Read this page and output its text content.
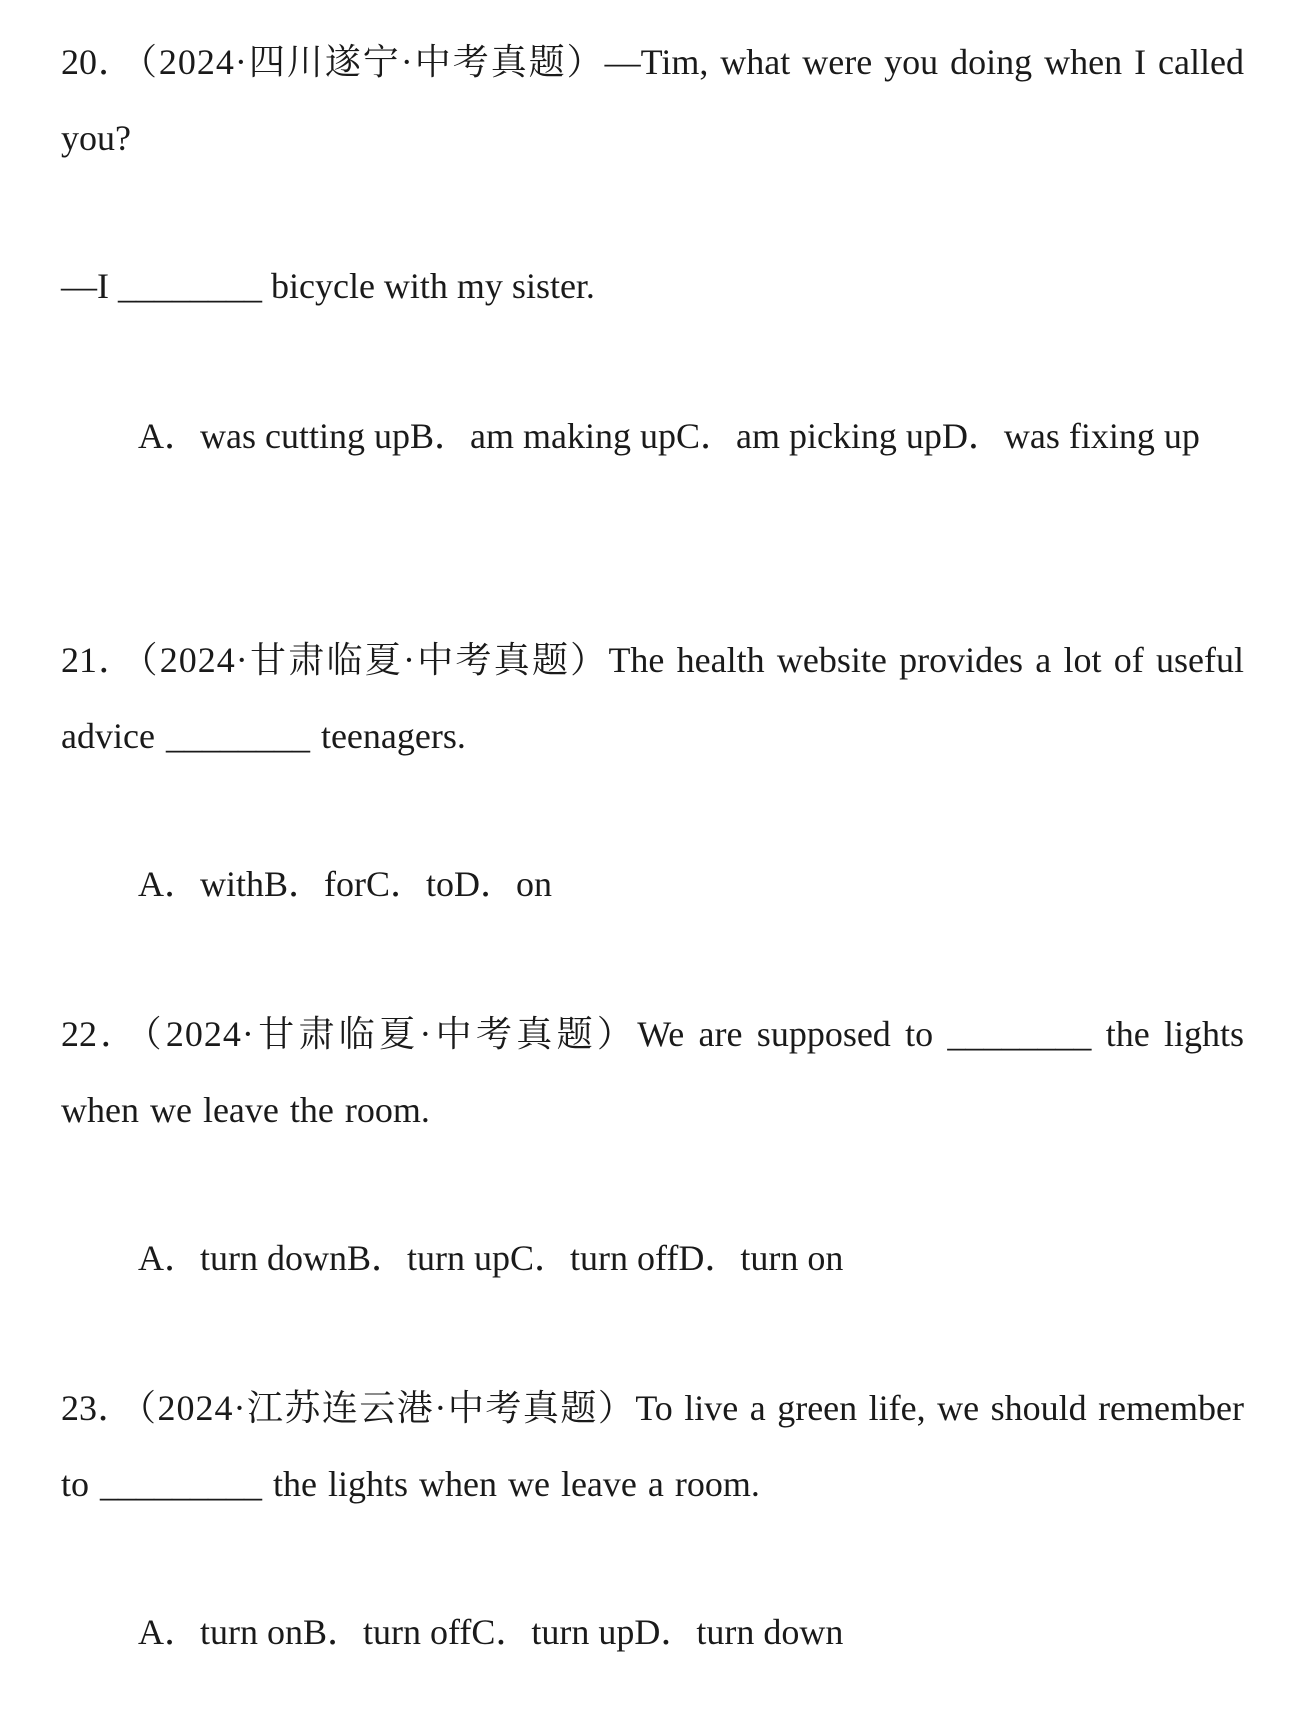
20． （2024·四川遂宁·中考真题）—Tim, what were you doing when I called you?
—I ________ bicycle with my sister.
A．was cutting upB．am making upC．am picking upD．was fixing up
21． （2024·甘肃临夏·中考真题）The health website provides a lot of useful advice ________ teenagers.
A．withB．forC．toD．on
22． （2024·甘肃临夏·中考真题）We are supposed to ________ the lights when we leave the room.
A．turn downB．turn upC．turn offD．turn on
23． （2024·江苏连云港·中考真题）To live a green life, we should remember to _________ the lights when we leave a room.
A．turn onB．turn offC．turn upD．turn down
